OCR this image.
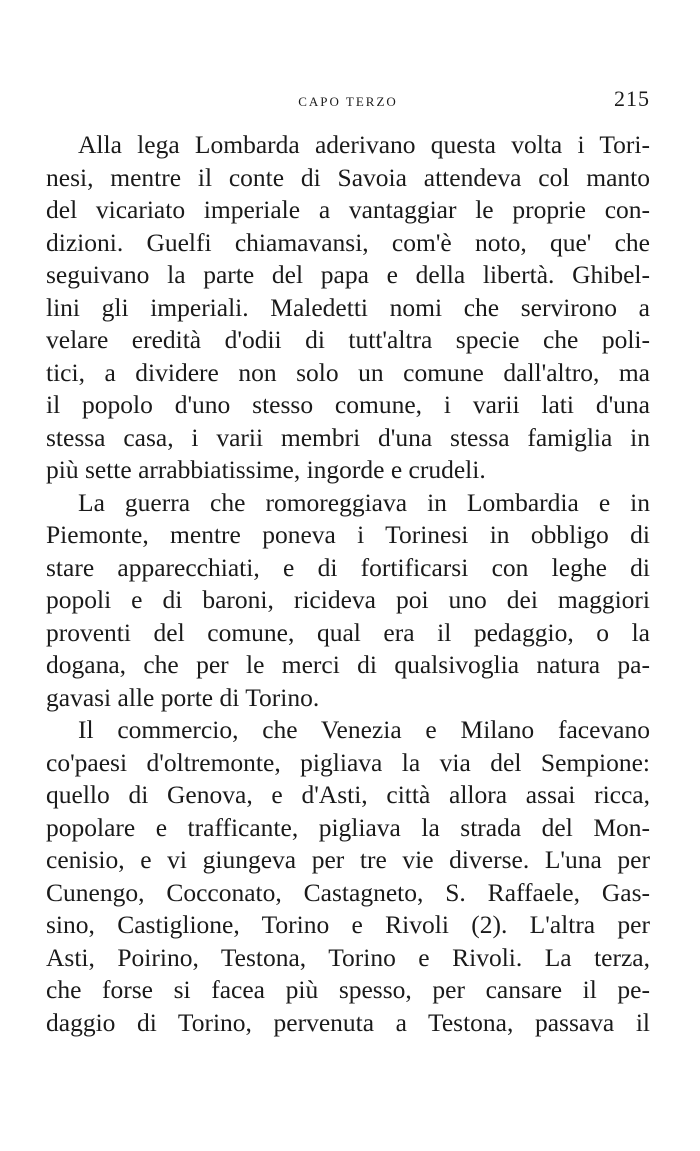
CAPO TERZO	215
Alla lega Lombarda aderivano questa volta i Tori-
nesi, mentre il conte di Savoia attendeva col manto
del vicariato imperiale a vantaggiar le proprie con-
dizioni. Guelfi chiamavansi, com'è noto, que' che
seguivano la parte del papa e della libertà. Ghibel-
lini gli imperiali. Maledetti nomi che servirono a
velare eredità d'odii di tutt'altra specie che poli-
tici, a dividere non solo un comune dall'altro, ma
il popolo d'uno stesso comune, i varii lati d'una
stessa casa, i varii membri d'una stessa famiglia in
più sette arrabbiatissime, ingorde e crudeli.
La guerra che romoreggiava in Lombardia e in
Piemonte, mentre poneva i Torinesi in obbligo di
stare apparecchiati, e di fortificarsi con leghe di
popoli e di baroni, ricideva poi uno dei maggiori
proventi del comune, qual era il pedaggio, o la
dogana, che per le merci di qualsivoglia natura pa-
gavasi alle porte di Torino.
Il commercio, che Venezia e Milano facevano
co'paesi d'oltremonte, pigliava la via del Sempione:
quello di Genova, e d'Asti, città allora assai ricca,
popolare e trafficante, pigliava la strada del Mon-
cenisio, e vi giungeva per tre vie diverse. L'una per
Cunengo, Cocconato, Castagneto, S. Raffaele, Gas-
sino, Castiglione, Torino e Rivoli (2). L'altra per
Asti, Poirino, Testona, Torino e Rivoli. La terza,
che forse si facea più spesso, per cansare il pe-
daggio di Torino, pervenuta a Testona, passava il
